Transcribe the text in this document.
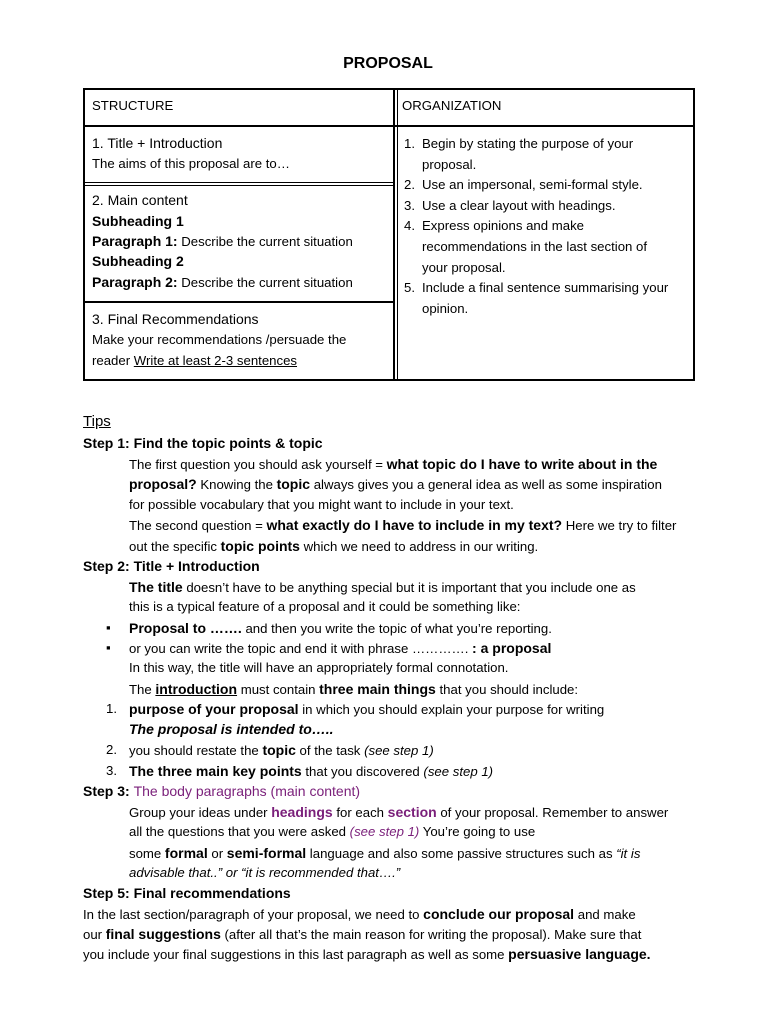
PROPOSAL
STRUCTURE	ORGANIZATION
1. Title + Introduction
The aims of this proposal are to…
2. Main content
Subheading 1
Paragraph 1: Describe the current situation
Subheading 2
Paragraph 2: Describe the current situation
3. Final Recommendations
Make your recommendations /persuade the
reader Write at least 2-3 sentences
1. Begin by stating the purpose of your
proposal.
2. Use an impersonal, semi-formal style.
3. Use a clear layout with headings.
4. Express opinions and make
recommendations in the last section of
your proposal.
5. Include a final sentence summarising your
opinion.
Tips
Step 1: Find the topic points & topic
The first question you should ask yourself = what topic do I have to write about in the
proposal? Knowing the topic always gives you a general idea as well as some inspiration
for possible vocabulary that you might want to include in your text.
The second question = what exactly do I have to include in my text? Here we try to filter
out the specific topic points which we need to address in our writing.
Step 2: Title + Introduction
The title doesn’t have to be anything special but it is important that you include one as
this is a typical feature of a proposal and it could be something like:
▪ Proposal to ……. and then you write the topic of what you’re reporting.
▪ or you can write the topic and end it with phrase …………. : a proposal
In this way, the title will have an appropriately formal connotation.
The introduction must contain three main things that you should include:
1. purpose of your proposal in which you should explain your purpose for writing
The proposal is intended to…..
2. you should restate the topic of the task (see step 1)
3. The three main key points that you discovered (see step 1)
Step 3: The body paragraphs (main content)
Group your ideas under headings for each section of your proposal. Remember to answer
all the questions that you were asked (see step 1) You’re going to use
some formal or semi-formal language and also some passive structures such as “it is
advisable that..” or “it is recommended that….”
Step 5: Final recommendations
In the last section/paragraph of your proposal, we need to conclude our proposal and make
our final suggestions (after all that’s the main reason for writing the proposal). Make sure that
you include your final suggestions in this last paragraph as well as some persuasive language.
